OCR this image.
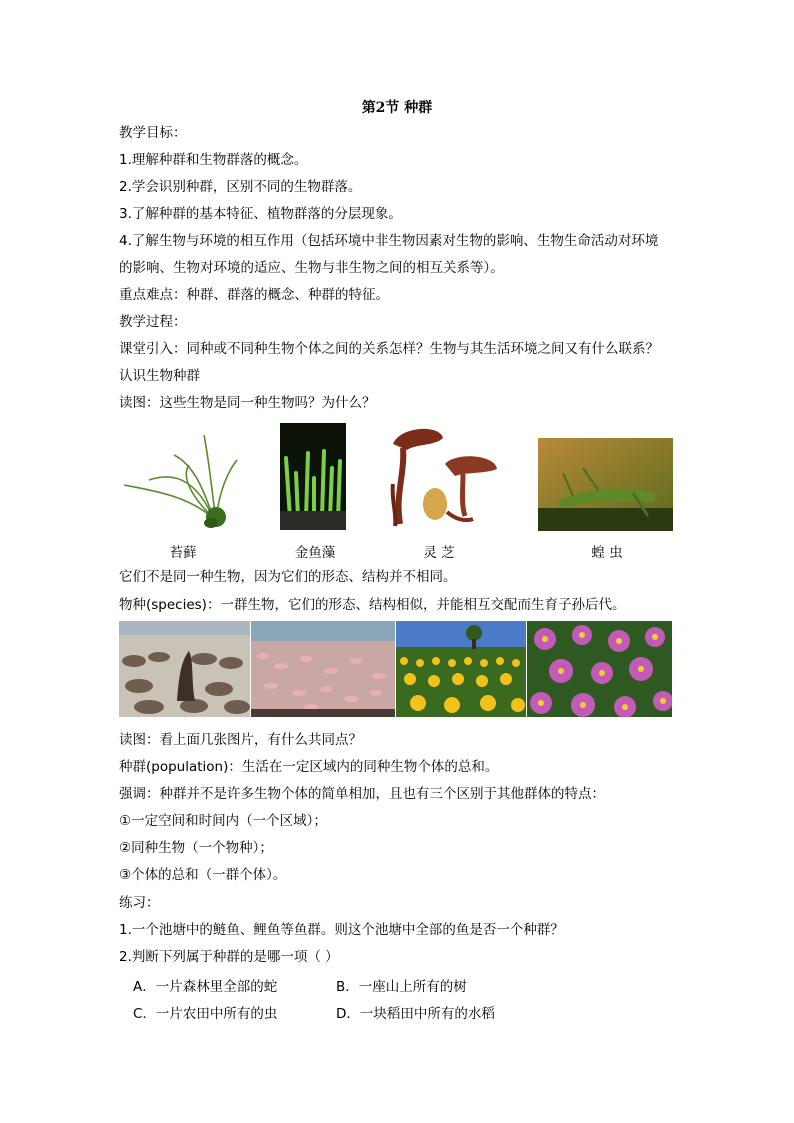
第2节 种群
教学目标：
1.理解种群和生物群落的概念。
2.学会识别种群，区别不同的生物群落。
3.了解种群的基本特征、植物群落的分层现象。
4.了解生物与环境的相互作用（包括环境中非生物因素对生物的影响、生物生命活动对环境
的影响、生物对环境的适应、生物与非生物之间的相互关系等）。
重点难点：种群、群落的概念、种群的特征。
教学过程：
课堂引入：同种或不同种生物个体之间的关系怎样？生物与其生活环境之间又有什么联系？
认识生物种群
读图：这些生物是同一种生物吗？为什么？
苔藓	金鱼藻	灵 芝	蝗 虫
它们不是同一种生物，因为它们的形态、结构并不相同。
物种(species)：一群生物，它们的形态、结构相似，并能相互交配而生育子孙后代。
读图：看上面几张图片，有什么共同点？
种群(population)：生活在一定区域内的同种生物个体的总和。
强调：种群并不是许多生物个体的简单相加，且也有三个区别于其他群体的特点：
①一定空间和时间内（一个区域）；
②同种生物（一个物种）；
③个体的总和（一群个体）。
练习：
1.一个池塘中的鲢鱼、鲤鱼等鱼群。则这个池塘中全部的鱼是否一个种群？
2.判断下列属于种群的是哪一项（ ）
A．一片森林里全部的蛇	B．一座山上所有的树
C．一片农田中所有的虫	D．一块稻田中所有的水稻
